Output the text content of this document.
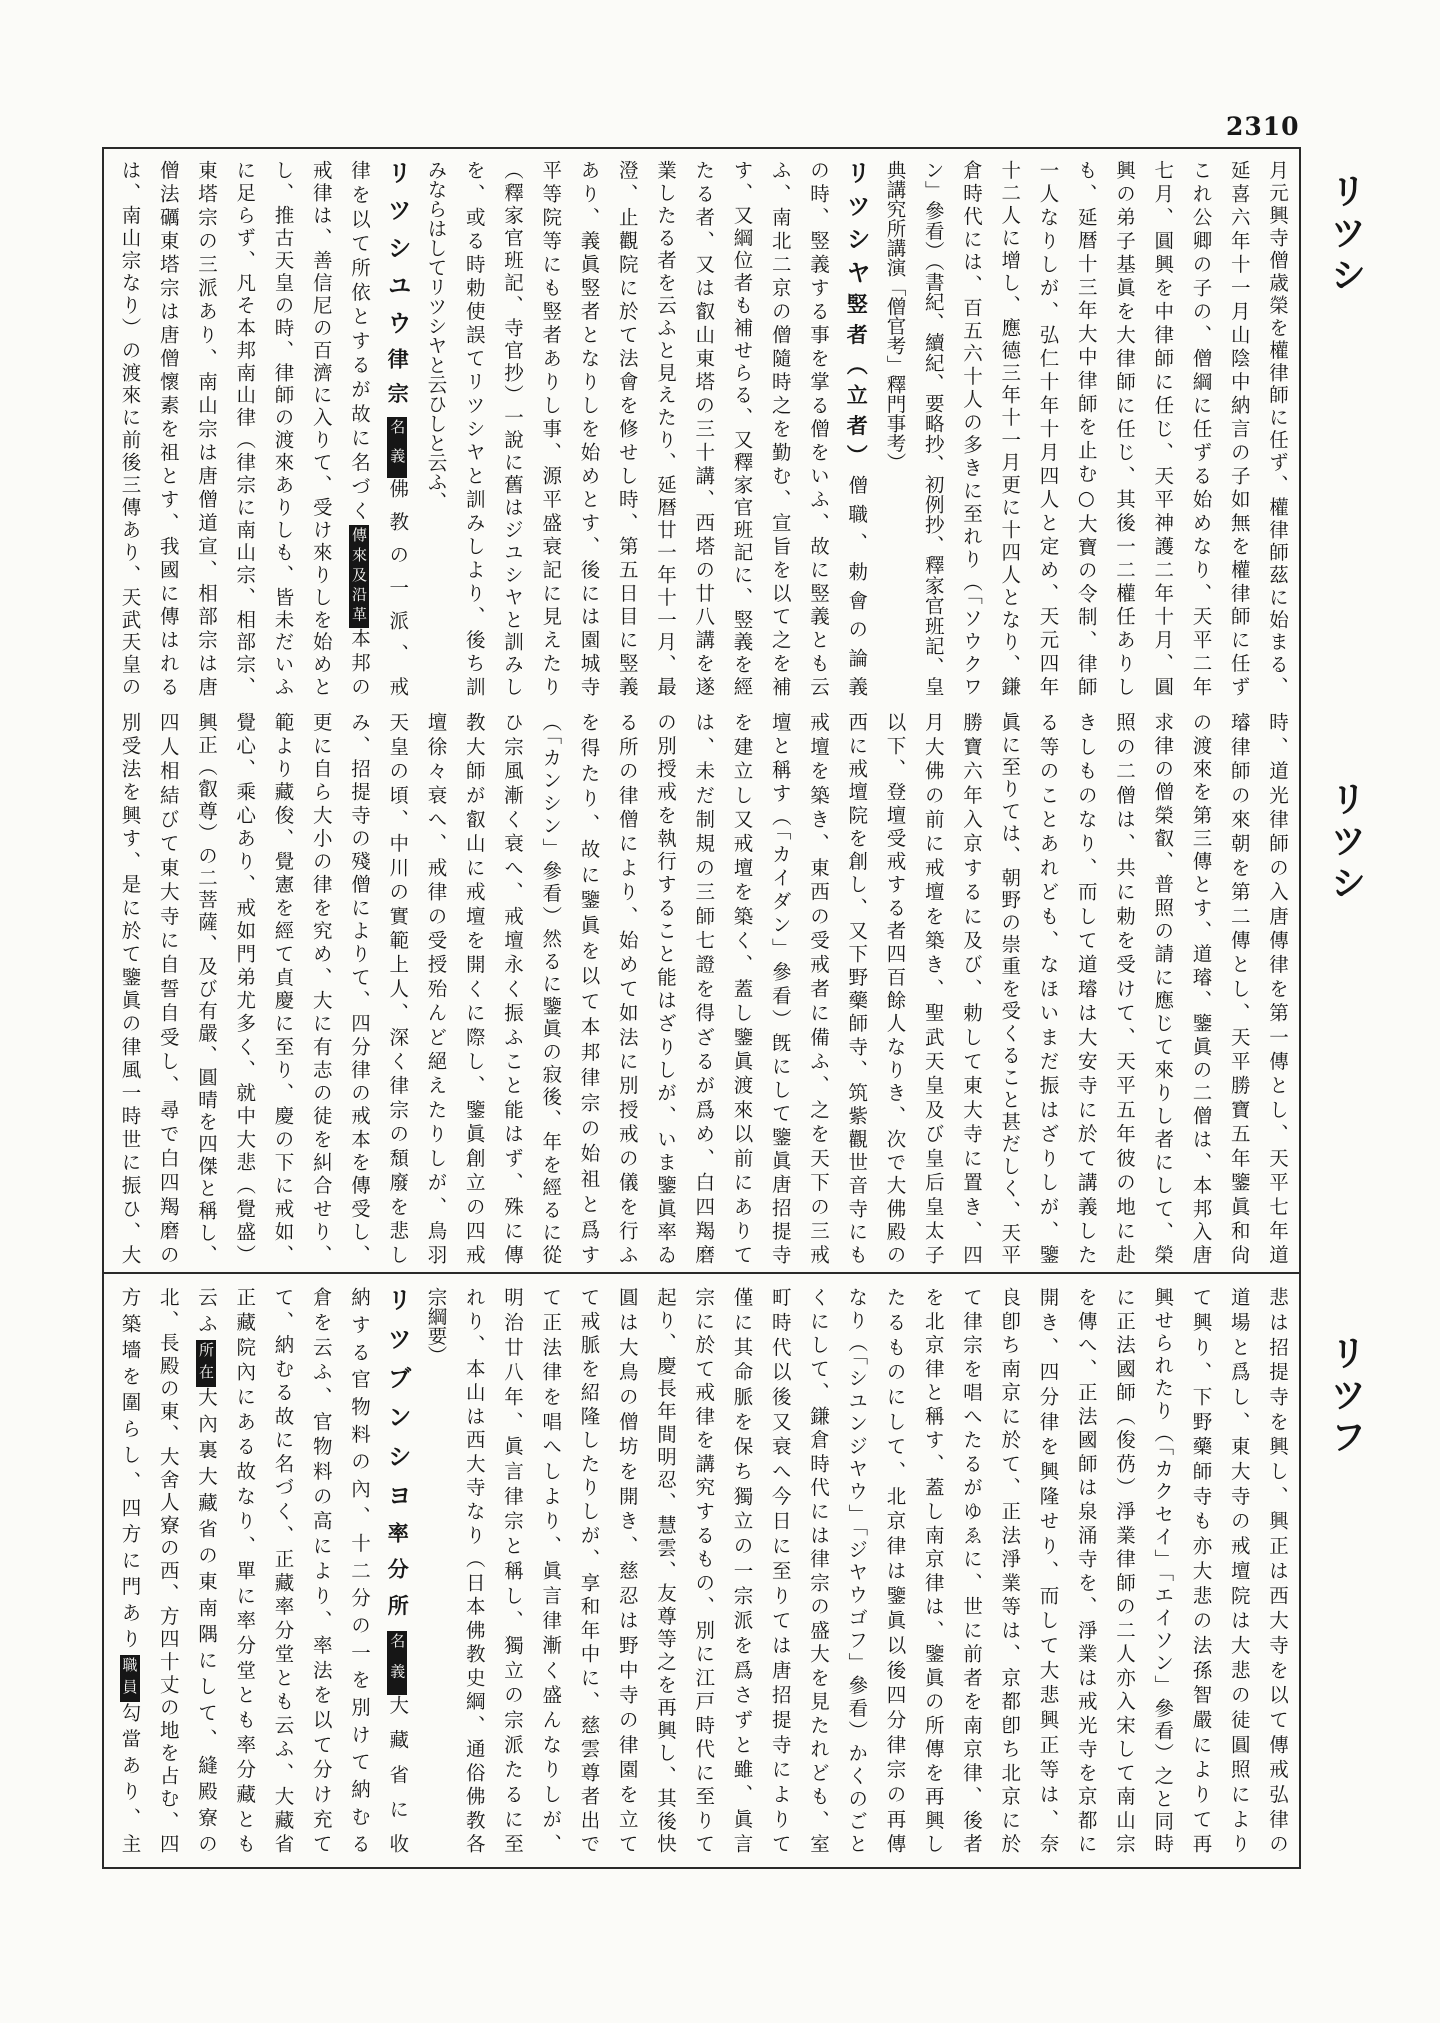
2310
リツシ
リツシ
リツフ
月元興寺僧歳榮を權律師に任ず、權律師茲に始まる、
延喜六年十一月山陰中納言の子如無を權律師に任ず
これ公卿の子の、僧綱に任ずる始めなり、天平二年
七月、圓興を中律師に任じ、天平神護二年十月、圓
興の弟子基眞を大律師に任じ、其後一二權任ありし
も、延暦十三年大中律師を止む○大寶の令制、律師
一人なりしが、弘仁十年十月四人と定め、天元四年
十二人に增し、應德三年十一月更に十四人となり、鎌
倉時代には、百五六十人の多きに至れり（「ソウクワ
ン」參看）（書紀、續紀、要略抄、初例抄、釋家官班記、皇
典講究所講演「僧官考」釋門事考）
リツシヤ竪者（立者）僧職、勅會の論義
の時、竪義する事を掌る僧をいふ、故に竪義とも云
ふ、南北二京の僧隨時之を勤む、宣旨を以て之を補
す、又綱位者も補せらる、又釋家官班記に、竪義を經
たる者、又は叡山東塔の三十講、西塔の廿八講を遂
業したる者を云ふと見えたり、延暦廿一年十一月、最
澄、止觀院に於て法會を修せし時、第五日目に竪義
あり、義眞竪者となりしを始めとす、後には園城寺
平等院等にも竪者ありし事、源平盛衰記に見えたり
（釋家官班記、寺官抄）一說に舊はジユシヤと訓みし
を、或る時勅使誤てリツシヤと訓みしより、後ち訓
みならはしてリツシヤと云ひしと云ふ、
リツシユウ律宗名義佛教の一派、戒
律を以て所依とするが故に名づく傳來及沿革本邦の
戒律は、善信尼の百濟に入りて、受け來りしを始めと
し、推古天皇の時、律師の渡來ありしも、皆未だいふ
に足らず、凡そ本邦南山律（律宗に南山宗、相部宗、
東塔宗の三派あり、南山宗は唐僧道宣、相部宗は唐
僧法礪東塔宗は唐僧懷素を祖とす、我國に傳はれる
は、南山宗なり）の渡來に前後三傳あり、天武天皇の
時、道光律師の入唐傳律を第一傳とし、天平七年道
璿律師の來朝を第二傳とし、天平勝寶五年鑒眞和尙
の渡來を第三傳とす、道璿、鑒眞の二僧は、本邦入唐
求律の僧榮叡、普照の請に應じて來りし者にして、榮
照の二僧は、共に勅を受けて、天平五年彼の地に赴
きしものなり、而して道璿は大安寺に於て講義した
る等のことあれども、なほいまだ振はざりしが、鑒
眞に至りては、朝野の崇重を受くること甚だしく、天平
勝寶六年入京するに及び、勅して東大寺に置き、四
月大佛の前に戒壇を築き、聖武天皇及び皇后皇太子
以下、登壇受戒する者四百餘人なりき、次で大佛殿の
西に戒壇院を創し、又下野藥師寺、筑紫觀世音寺にも
戒壇を築き、東西の受戒者に備ふ、之を天下の三戒
壇と稱す（「カイダン」參看）旣にして鑒眞唐招提寺
を建立し又戒壇を築く、蓋し鑒眞渡來以前にありて
は、未だ制規の三師七證を得ざるが爲め、白四羯磨
の別授戒を執行すること能はざりしが、いま鑒眞率ゐ
る所の律僧により、始めて如法に別授戒の儀を行ふ
を得たり、故に鑒眞を以て本邦律宗の始祖と爲す
（「カンシン」參看）然るに鑒眞の寂後、年を經るに從
ひ宗風漸く衰へ、戒壇永く振ふこと能はず、殊に傳
教大師が叡山に戒壇を開くに際し、鑒眞創立の四戒
壇徐々衰へ、戒律の受授殆んど絕えたりしが、鳥羽
天皇の頃、中川の實範上人、深く律宗の頹廢を悲し
み、招提寺の殘僧によりて、四分律の戒本を傳受し、
更に自ら大小の律を究め、大に有志の徒を糾合せり、
範より藏俊、覺憲を經て貞慶に至り、慶の下に戒如、
覺心、乘心あり、戒如門弟尤多く、就中大悲（覺盛）
興正（叡尊）の二菩薩、及び有嚴、圓晴を四傑と稱し、
四人相結びて東大寺に自誓自受し、尋で白四羯磨の
別受法を興す、是に於て鑒眞の律風一時世に振ひ、大
悲は招提寺を興し、興正は西大寺を以て傳戒弘律の
道場と爲し、東大寺の戒壇院は大悲の徒圓照により
て興り、下野藥師寺も亦大悲の法孫智嚴によりて再
興せられたり（「カクセイ」「エイソン」參看）之と同時
に正法國師（俊芿）淨業律師の二人亦入宋して南山宗
を傳へ、正法國師は泉涌寺を、淨業は戒光寺を京都に
開き、四分律を興隆せり、而して大悲興正等は、奈
良卽ち南京に於て、正法淨業等は、京都卽ち北京に於
て律宗を唱へたるがゆゑに、世に前者を南京律、後者
を北京律と稱す、蓋し南京律は、鑒眞の所傳を再興し
たるものにして、北京律は鑒眞以後四分律宗の再傳
なり（「シユンジヤウ」「ジヤウゴフ」參看）かくのごと
くにして、鎌倉時代には律宗の盛大を見たれども、室
町時代以後又衰へ今日に至りては唐招提寺によりて
僅に其命脈を保ち獨立の一宗派を爲さずと雖、眞言
宗に於て戒律を講究するもの、別に江戸時代に至りて
起り、慶長年間明忍、慧雲、友尊等之を再興し、其後快
圓は大鳥の僧坊を開き、慈忍は野中寺の律園を立て
て戒脈を紹隆したりしが、享和年中に、慈雲尊者出で
て正法律を唱へしより、眞言律漸く盛んなりしが、
明治廿八年、眞言律宗と稱し、獨立の宗派たるに至
れり、本山は西大寺なり（日本佛教史綱、通俗佛教各
宗綱要）
リツブンシヨ率分所名義大藏省に收
納する官物料の內、十二分の一を別けて納むる
倉を云ふ、官物料の高により、率法を以て分け充て
て、納むる故に名づく、正藏率分堂とも云ふ、大藏省
正藏院內にある故なり、單に率分堂とも率分藏とも
云ふ所在大內裏大藏省の東南隅にして、縫殿寮の
北、長殿の東、大舍人寮の西、方四十丈の地を占む、四
方築墻を圍らし、四方に門あり職員勾當あり、主
